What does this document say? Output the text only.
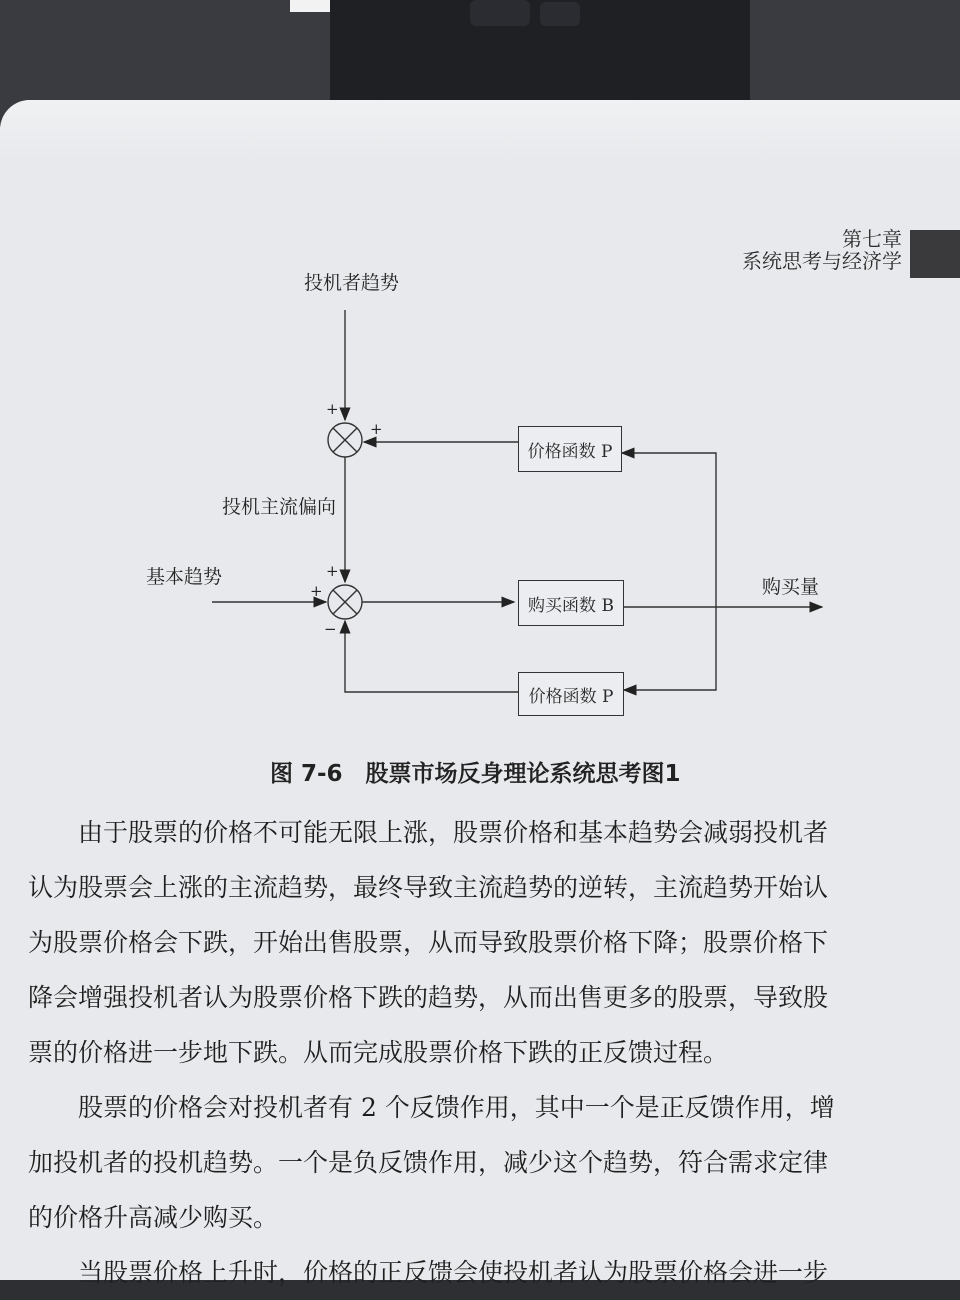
第七章
系统思考与经济学
投机者趋势
投机主流偏向
基本趋势	购买量
+
+
+
+
−
价格函数 P
购买函数 B
价格函数 P
图 7-6　股票市场反身理论系统思考图1

由于股票的价格不可能无限上涨，股票价格和基本趋势会减弱投机者

认为股票会上涨的主流趋势，最终导致主流趋势的逆转，主流趋势开始认

为股票价格会下跌，开始出售股票，从而导致股票价格下降；股票价格下

降会增强投机者认为股票价格下跌的趋势，从而出售更多的股票，导致股

票的价格进一步地下跌。从而完成股票价格下跌的正反馈过程。

股票的价格会对投机者有 2 个反馈作用，其中一个是正反馈作用，增

加投机者的投机趋势。一个是负反馈作用，减少这个趋势，符合需求定律

的价格升高减少购买。

当股票价格上升时，价格的正反馈会使投机者认为股票价格会进一步
